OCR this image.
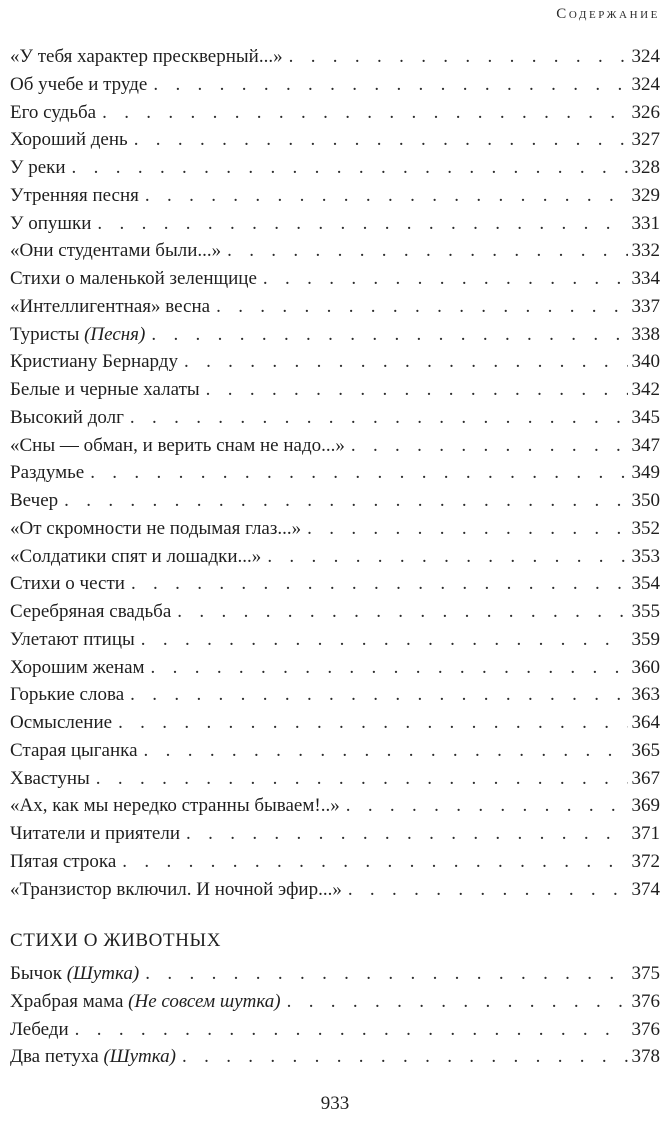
Содержание
«У тебя характер прескверный...» . . .	324
Об учебе и труде . . .	324
Его судьба . . .	326
Хороший день . . .	327
У реки . . .	328
Утренняя песня . . .	329
У опушки . . .	331
«Они студентами были...» . . .	332
Стихи о маленькой зеленщице . . .	334
«Интеллигентная» весна . . .	337
Туристы (Песня) . . .	338
Кристиану Бернарду . . .	340
Белые и черные халаты . . .	342
Высокий долг . . .	345
«Сны — обман, и верить снам не надо...» . . .	347
Раздумье . . .	349
Вечер . . .	350
«От скромности не подымая глаз...» . . .	352
«Солдатики спят и лошадки...» . . .	353
Стихи о чести . . .	354
Серебряная свадьба . . .	355
Улетают птицы . . .	359
Хорошим женам . . .	360
Горькие слова . . .	363
Осмысление . . .	364
Старая цыганка . . .	365
Хвастуны . . .	367
«Ах, как мы нередко странны бываем!..» . . .	369
Читатели и приятели . . .	371
Пятая строка . . .	372
«Транзистор включил. И ночной эфир...» . . .	374
СТИХИ О ЖИВОТНЫХ
Бычок (Шутка) . . .	375
Храбрая мама (Не совсем шутка) . . .	376
Лебеди . . .	376
Два петуха (Шутка) . . .	378
933
